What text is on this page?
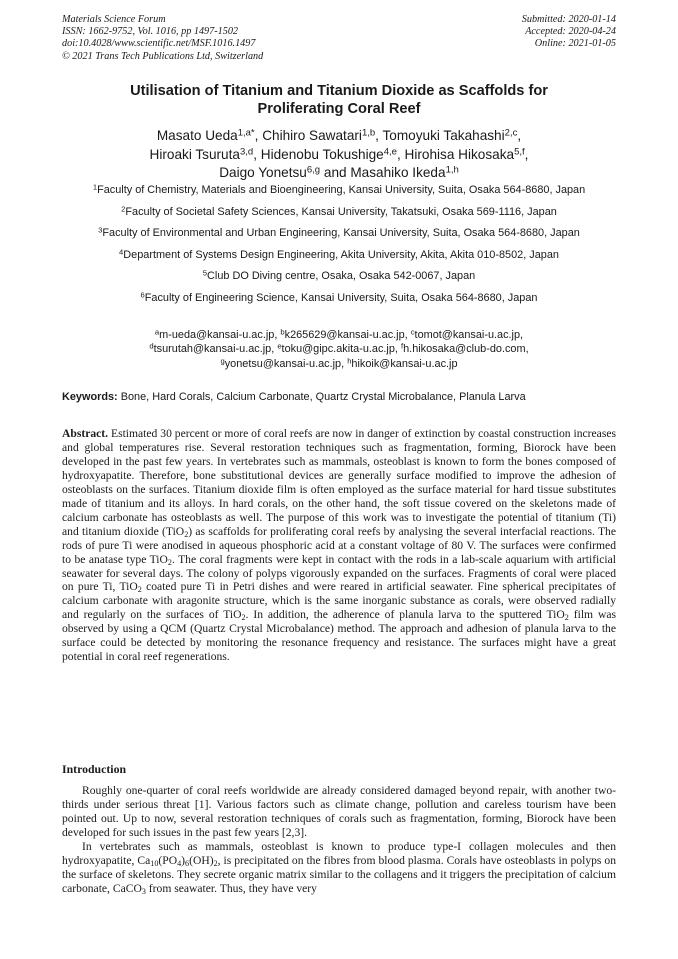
Materials Science Forum
ISSN: 1662-9752, Vol. 1016, pp 1497-1502
doi:10.4028/www.scientific.net/MSF.1016.1497
© 2021 Trans Tech Publications Ltd, Switzerland
Submitted: 2020-01-14
Accepted: 2020-04-24
Online: 2021-01-05
Utilisation of Titanium and Titanium Dioxide as Scaffolds for
Proliferating Coral Reef
Masato Ueda$^{1,a*}$, Chihiro Sawatari$^{1,b}$, Tomoyuki Takahashi$^{2,c}$,
Hiroaki Tsuruta$^{3,d}$, Hidenobu Tokushige$^{4,e}$, Hirohisa Hikosaka$^{5,f}$,
Daigo Yonetsu$^{6,g}$ and Masahiko Ikeda$^{1,h}$
$^1$Faculty of Chemistry, Materials and Bioengineering, Kansai University, Suita, Osaka 564-8680, Japan
$^2$Faculty of Societal Safety Sciences, Kansai University, Takatsuki, Osaka 569-1116, Japan
$^3$Faculty of Environmental and Urban Engineering, Kansai University, Suita, Osaka 564-8680, Japan
$^4$Department of Systems Design Engineering, Akita University, Akita, Akita 010-8502, Japan
$^5$Club DO Diving centre, Osaka, Osaka 542-0067, Japan
$^6$Faculty of Engineering Science, Kansai University, Suita, Osaka 564-8680, Japan
$^a$m-ueda@kansai-u.ac.jp, $^b$k265629@kansai-u.ac.jp, $^c$tomot@kansai-u.ac.jp,
$^d$tsurutah@kansai-u.ac.jp, $^e$toku@gipc.akita-u.ac.jp, $^f$h.hikosaka@club-do.com,
$^g$yonetsu@kansai-u.ac.jp, $^h$hikoik@kansai-u.ac.jp
Keywords: Bone, Hard Corals, Calcium Carbonate, Quartz Crystal Microbalance, Planula Larva
Abstract. Estimated 30 percent or more of coral reefs are now in danger of extinction by coastal construction increases and global temperatures rise. Several restoration techniques such as fragmentation, forming, Biorock have been developed in the past few years. In vertebrates such as mammals, osteoblast is known to form the bones composed of hydroxyapatite. Therefore, bone substitutional devices are generally surface modified to improve the adhesion of osteoblasts on the surfaces. Titanium dioxide film is often employed as the surface material for hard tissue substitutes made of titanium and its alloys. In hard corals, on the other hand, the soft tissue covered on the skeletons made of calcium carbonate has osteoblasts as well. The purpose of this work was to investigate the potential of titanium (Ti) and titanium dioxide (TiO$_2$) as scaffolds for proliferating coral reefs by analysing the several interfacial reactions. The rods of pure Ti were anodised in aqueous phosphoric acid at a constant voltage of 80 V. The surfaces were confirmed to be anatase type TiO$_2$. The coral fragments were kept in contact with the rods in a lab-scale aquarium with artificial seawater for several days. The colony of polyps vigorously expanded on the surfaces. Fragments of coral were placed on pure Ti, TiO$_2$ coated pure Ti in Petri dishes and were reared in artificial seawater. Fine spherical precipitates of calcium carbonate with aragonite structure, which is the same inorganic substance as corals, were observed radially and regularly on the surfaces of TiO$_2$. In addition, the adherence of planula larva to the sputtered TiO$_2$ film was observed by using a QCM (Quartz Crystal Microbalance) method. The approach and adhesion of planula larva to the surface could be detected by monitoring the resonance frequency and resistance. The surfaces might have a great potential in coral reef regenerations.
Introduction

Roughly one-quarter of coral reefs worldwide are already considered damaged beyond repair, with another two-thirds under serious threat [1]. Various factors such as climate change, pollution and careless tourism have been pointed out. Up to now, several restoration techniques of corals such as fragmentation, forming, Biorock have been developed for such issues in the past few years [2,3].

In vertebrates such as mammals, osteoblast is known to produce type-I collagen molecules and then hydroxyapatite, $Ca_{10}(PO_4)_6(OH)_2$, is precipitated on the fibres from blood plasma. Corals have osteoblasts in polyps on the surface of skeletons. They secrete organic matrix similar to the collagens and it triggers the precipitation of calcium carbonate, CaCO$_3$ from seawater. Thus, they have very
